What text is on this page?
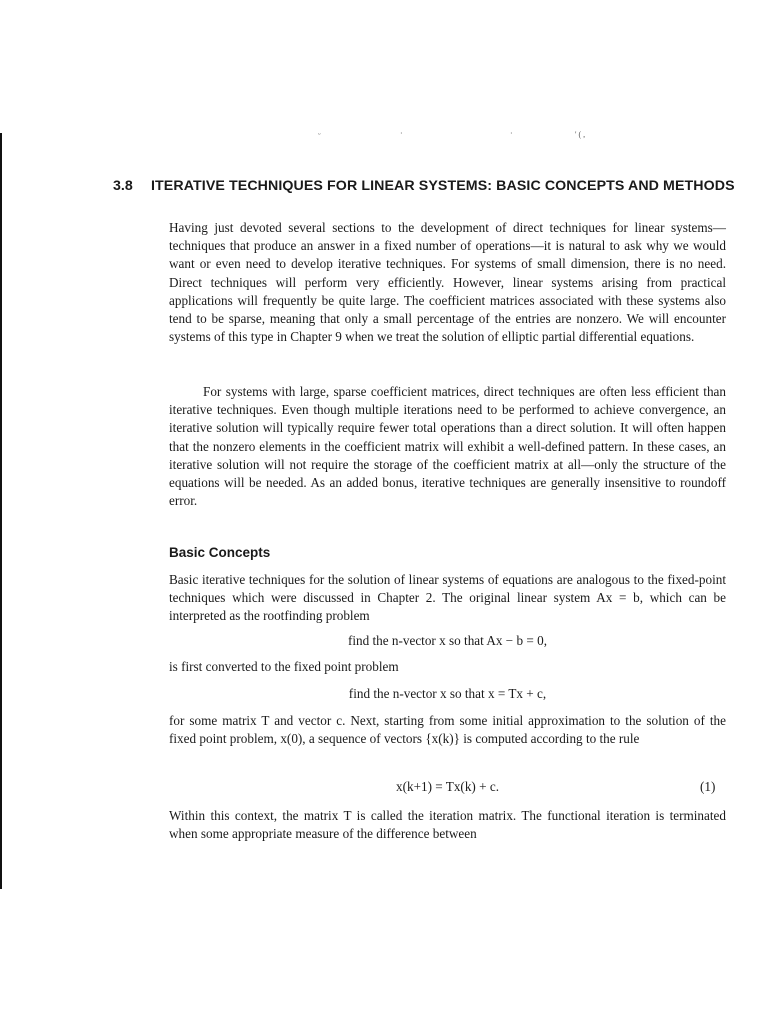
ᵕ	·	·	' ( ,
3.8 ITERATIVE TECHNIQUES FOR LINEAR SYSTEMS: BASIC CONCEPTS AND METHODS

Having just devoted several sections to the development of direct techniques for linear systems—techniques that produce an answer in a fixed number of operations—it is natural to ask why we would want or even need to develop iterative techniques. For systems of small dimension, there is no need. Direct techniques will perform very efficiently. However, linear systems arising from practical applications will frequently be quite large. The coefficient matrices associated with these systems also tend to be sparse, meaning that only a small percentage of the entries are nonzero. We will encounter systems of this type in Chapter 9 when we treat the solution of elliptic partial differential equations.

For systems with large, sparse coefficient matrices, direct techniques are often less efficient than iterative techniques. Even though multiple iterations need to be performed to achieve convergence, an iterative solution will typically require fewer total operations than a direct solution. It will often happen that the nonzero elements in the coefficient matrix will exhibit a well-defined pattern. In these cases, an iterative solution will not require the storage of the coefficient matrix at all—only the structure of the equations will be needed. As an added bonus, iterative techniques are generally insensitive to roundoff error.

Basic Concepts

Basic iterative techniques for the solution of linear systems of equations are analogous to the fixed-point techniques which were discussed in Chapter 2. The original linear system Ax = b, which can be interpreted as the rootfinding problem

find the n-vector x so that Ax − b = 0,
is first converted to the fixed point problem
find the n-vector x so that x = Tx + c,

for some matrix T and vector c. Next, starting from some initial approximation to the solution of the fixed point problem, x(0), a sequence of vectors {x(k)} is computed according to the rule

x(k+1) = Tx(k) + c.	(1)

Within this context, the matrix T is called the iteration matrix. The functional iteration is terminated when some appropriate measure of the difference between
